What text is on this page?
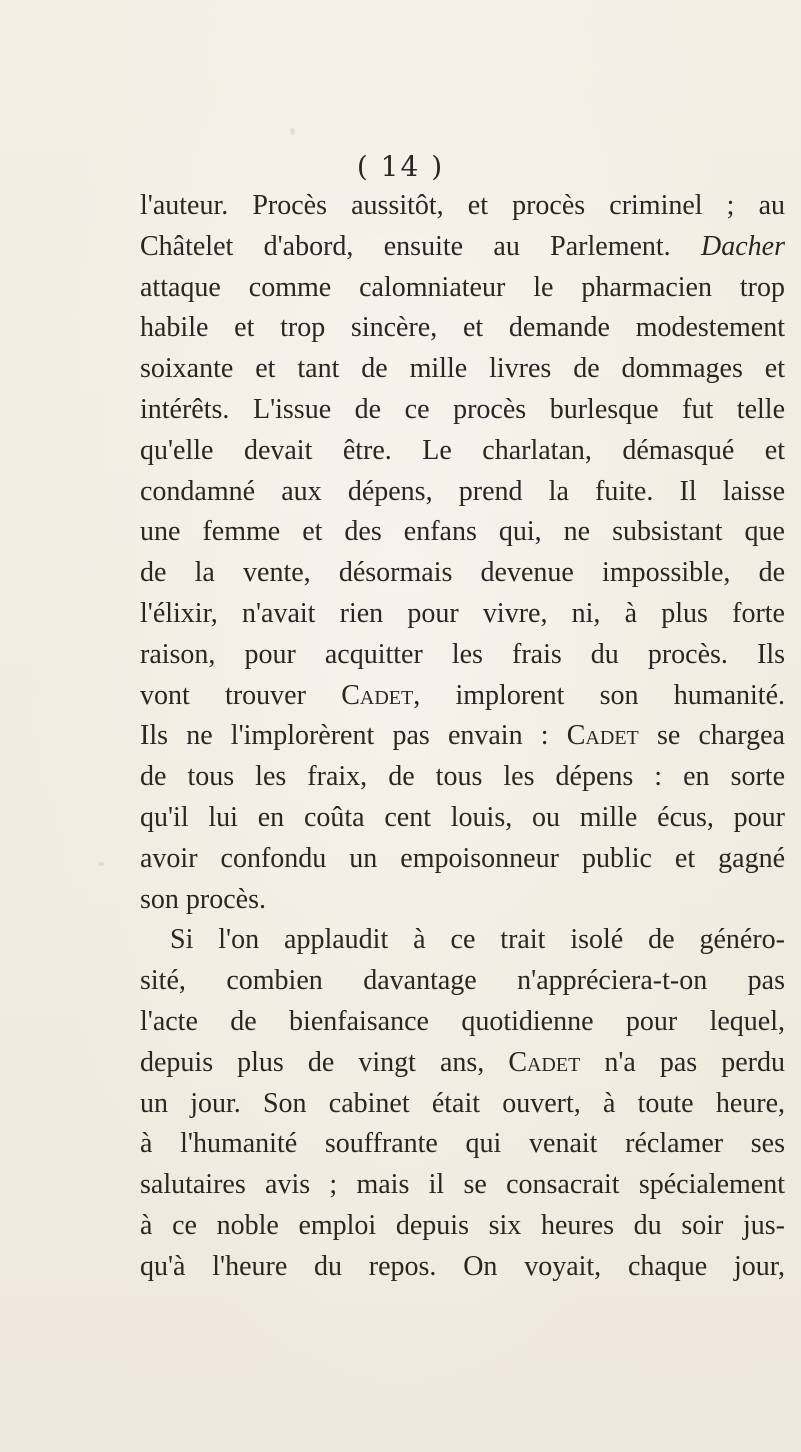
( 14 )
l'auteur. Procès aussitôt, et procès criminel ; au
Châtelet d'abord, ensuite au Parlement. Dacher
attaque comme calomniateur le pharmacien trop
habile et trop sincère, et demande modestement
soixante et tant de mille livres de dommages et
intérêts. L'issue de ce procès burlesque fut telle
qu'elle devait être. Le charlatan, démasqué et
condamné aux dépens, prend la fuite. Il laisse
une femme et des enfans qui, ne subsistant que
de la vente, désormais devenue impossible, de
l'élixir, n'avait rien pour vivre, ni, à plus forte
raison, pour acquitter les frais du procès. Ils
vont trouver Cadet, implorent son humanité.
Ils ne l'implorèrent pas envain : Cadet se chargea
de tous les fraix, de tous les dépens : en sorte
qu'il lui en coûta cent louis, ou mille écus, pour
avoir confondu un empoisonneur public et gagné
son procès.
Si l'on applaudit à ce trait isolé de généro-
sité, combien davantage n'appréciera-t-on pas
l'acte de bienfaisance quotidienne pour lequel,
depuis plus de vingt ans, Cadet n'a pas perdu
un jour. Son cabinet était ouvert, à toute heure,
à l'humanité souffrante qui venait réclamer ses
salutaires avis ; mais il se consacrait spécialement
à ce noble emploi depuis six heures du soir jus-
qu'à l'heure du repos. On voyait, chaque jour,
